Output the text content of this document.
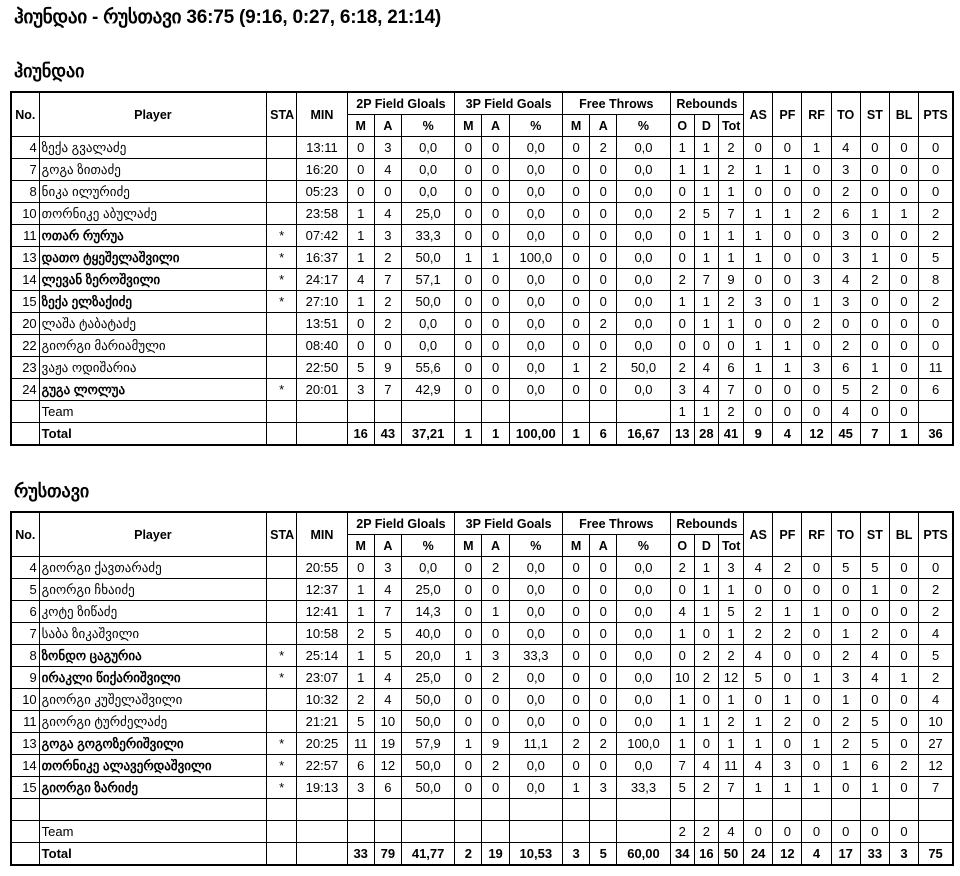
ჰიუნდაი - რუსთავი 36:75 (9:16, 0:27, 6:18, 21:14)
ჰიუნდაი
No.	Player	STA	MIN	2P Field Gloals			3P Field Goals			Free Throws			Rebounds			AS	PF	RF	TO	ST	BL	PTS
				M	A	%	M	A	%	M	A	%	O	D	Tot							
4	ზექა გვალაძე		13:11	0	3	0,0	0	0	0,0	0	2	0,0	1	1	2	0	0	1	4	0	0	0
7	გოგა ზითაძე		16:20	0	4	0,0	0	0	0,0	0	0	0,0	1	1	2	1	1	0	3	0	0	0
8	ნიკა ილურიძე		05:23	0	0	0,0	0	0	0,0	0	0	0,0	0	1	1	0	0	0	2	0	0	0
10	თორნიკე აბულაძე		23:58	1	4	25,0	0	0	0,0	0	0	0,0	2	5	7	1	1	2	6	1	1	2
11	ოთარ რურუა	*	07:42	1	3	33,3	0	0	0,0	0	0	0,0	0	1	1	1	0	0	3	0	0	2
13	დათო ტყეშელაშვილი	*	16:37	1	2	50,0	1	1	100,0	0	0	0,0	0	1	1	1	0	0	3	1	0	5
14	ლევან ზეროშვილი	*	24:17	4	7	57,1	0	0	0,0	0	0	0,0	2	7	9	0	0	3	4	2	0	8
15	ზექა ელზაქიძე	*	27:10	1	2	50,0	0	0	0,0	0	0	0,0	1	1	2	3	0	1	3	0	0	2
20	ლაშა ტაბატაძე		13:51	0	2	0,0	0	0	0,0	0	2	0,0	0	1	1	0	0	2	0	0	0	0
22	გიორგი მარიამული		08:40	0	0	0,0	0	0	0,0	0	0	0,0	0	0	0	1	1	0	2	0	0	0
23	ვაჟა ოდიშარია		22:50	5	9	55,6	0	0	0,0	1	2	50,0	2	4	6	1	1	3	6	1	0	11
24	გუგა ლოლუა	*	20:01	3	7	42,9	0	0	0,0	0	0	0,0	3	4	7	0	0	0	5	2	0	6
	Team												1	1	2	0	0	0	4	0	0	
	Total			16	43	37,21	1	1	100,00	1	6	16,67	13	28	41	9	4	12	45	7	1	36
რუსთავი
No.	Player	STA	MIN	2P Field Gloals			3P Field Goals			Free Throws			Rebounds			AS	PF	RF	TO	ST	BL	PTS
				M	A	%	M	A	%	M	A	%	O	D	Tot							
4	გიორგი ქავთარაძე		20:55	0	3	0,0	0	2	0,0	0	0	0,0	2	1	3	4	2	0	5	5	0	0
5	გიორგი ჩხაიძე		12:37	1	4	25,0	0	0	0,0	0	0	0,0	0	1	1	0	0	0	0	1	0	2
6	კოტე ზიწაძე		12:41	1	7	14,3	0	1	0,0	0	0	0,0	4	1	5	2	1	1	0	0	0	2
7	საბა ზიკაშვილი		10:58	2	5	40,0	0	0	0,0	0	0	0,0	1	0	1	2	2	0	1	2	0	4
8	ზონდო ცაგურია	*	25:14	1	5	20,0	1	3	33,3	0	0	0,0	0	2	2	4	0	0	2	4	0	5
9	ირაკლი წიქარიშვილი	*	23:07	1	4	25,0	0	2	0,0	0	0	0,0	10	2	12	5	0	1	3	4	1	2
10	გიორგი კუშელაშვილი		10:32	2	4	50,0	0	0	0,0	0	0	0,0	1	0	1	0	1	0	1	0	0	4
11	გიორგი ტურძელაძე		21:21	5	10	50,0	0	0	0,0	0	0	0,0	1	1	2	1	2	0	2	5	0	10
13	გოგა გოგოზერიშვილი	*	20:25	11	19	57,9	1	9	11,1	2	2	100,0	1	0	1	1	0	1	2	5	0	27
14	თორნიკე ალავერდაშვილი	*	22:57	6	12	50,0	0	2	0,0	0	0	0,0	7	4	11	4	3	0	1	6	2	12
15	გიორგი ზარიძე	*	19:13	3	6	50,0	0	0	0,0	1	3	33,3	5	2	7	1	1	1	0	1	0	7

	Team												2	2	4	0	0	0	0	0	0	
	Total			33	79	41,77	2	19	10,53	3	5	60,00	34	16	50	24	12	4	17	33	3	75
